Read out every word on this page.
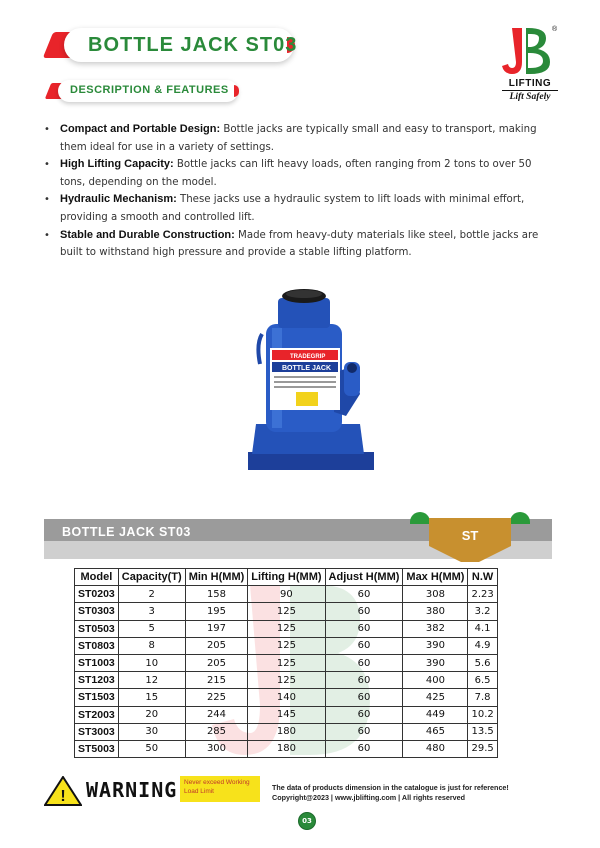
BOTTLE JACK ST03
DESCRIPTION & FEATURES
®
LIFTING
Lift Safely
• Compact and Portable Design: Bottle jacks are typically small and easy to transport, making them ideal for use in a variety of settings.
• High Lifting Capacity: Bottle jacks can lift heavy loads, often ranging from 2 tons to over 50 tons, depending on the model.
• Hydraulic Mechanism: These jacks use a hydraulic system to lift loads with minimal effort, providing a smooth and controlled lift.
• Stable and Durable Construction: Made from heavy-duty materials like steel, bottle jacks are built to withstand high pressure and provide a stable lifting platform.
TRADEGRIP
BOTTLE JACK
BOTTLE JACK ST03	ST
Model	Capacity(T)	Min H(MM)	Lifting H(MM)	Adjust H(MM)	Max H(MM)	N.W
ST0203	2	158	90	60	308	2.23
ST0303	3	195	125	60	380	3.2
ST0503	5	197	125	60	382	4.1
ST0803	8	205	125	60	390	4.9
ST1003	10	205	125	60	390	5.6
ST1203	12	215	125	60	400	6.5
ST1503	15	225	140	60	425	7.8
ST2003	20	244	145	60	449	10.2
ST3003	30	285	180	60	465	13.5
ST5003	50	300	180	60	480	29.5
! WARNING Never exceed Working Load Limit	The data of products dimension in the catalogue is just for reference!
Copyright@2023 | www.jblifting.com | All rights reserved
03
